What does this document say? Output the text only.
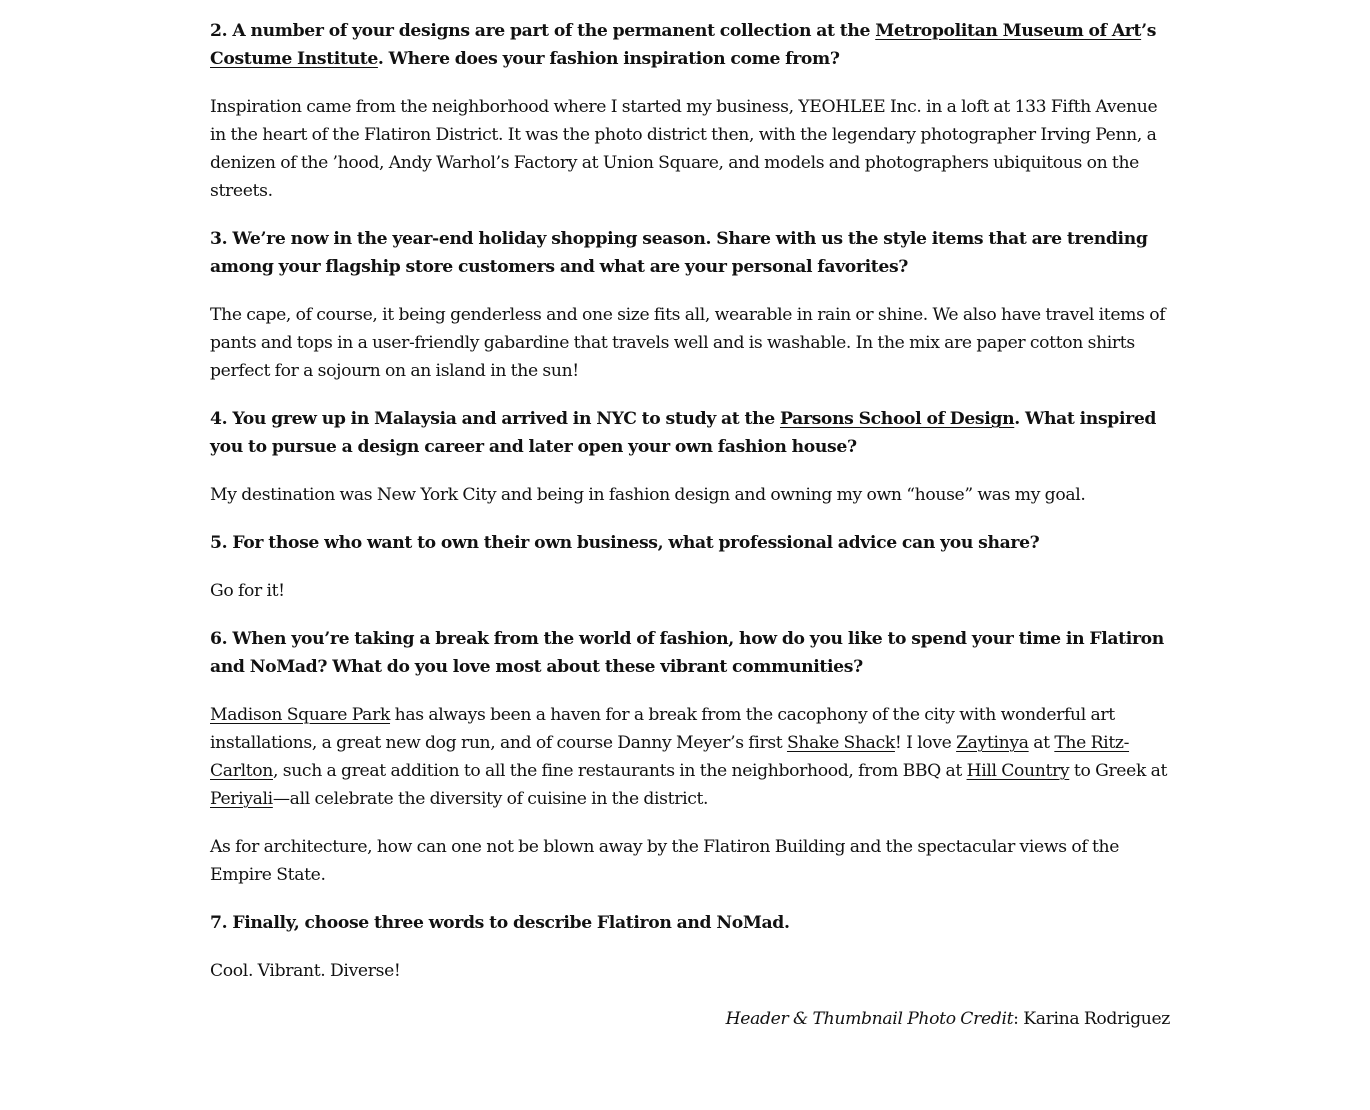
2. A number of your designs are part of the permanent collection at the Metropolitan Museum of Art’s Costume Institute. Where does your fashion inspiration come from?

Inspiration came from the neighborhood where I started my business, YEOHLEE Inc. in a loft at 133 Fifth Avenue in the heart of the Flatiron District. It was the photo district then, with the legendary photographer Irving Penn, a denizen of the ’hood, Andy Warhol’s Factory at Union Square, and models and photographers ubiquitous on the streets.

3. We’re now in the year-end holiday shopping season. Share with us the style items that are trending among your flagship store customers and what are your personal favorites?

The cape, of course, it being genderless and one size fits all, wearable in rain or shine. We also have travel items of pants and tops in a user-friendly gabardine that travels well and is washable. In the mix are paper cotton shirts perfect for a sojourn on an island in the sun!

4. You grew up in Malaysia and arrived in NYC to study at the Parsons School of Design. What inspired you to pursue a design career and later open your own fashion house?

My destination was New York City and being in fashion design and owning my own “house” was my goal.

5. For those who want to own their own business, what professional advice can you share?

Go for it!

6. When you’re taking a break from the world of fashion, how do you like to spend your time in Flatiron and NoMad? What do you love most about these vibrant communities?

Madison Square Park has always been a haven for a break from the cacophony of the city with wonderful art installations, a great new dog run, and of course Danny Meyer’s first Shake Shack! I love Zaytinya at The Ritz-Carlton, such a great addition to all the fine restaurants in the neighborhood, from BBQ at Hill Country to Greek at Periyali—all celebrate the diversity of cuisine in the district.

As for architecture, how can one not be blown away by the Flatiron Building and the spectacular views of the Empire State.

7. Finally, choose three words to describe Flatiron and NoMad.

Cool. Vibrant. Diverse!

Header & Thumbnail Photo Credit: Karina Rodriguez
